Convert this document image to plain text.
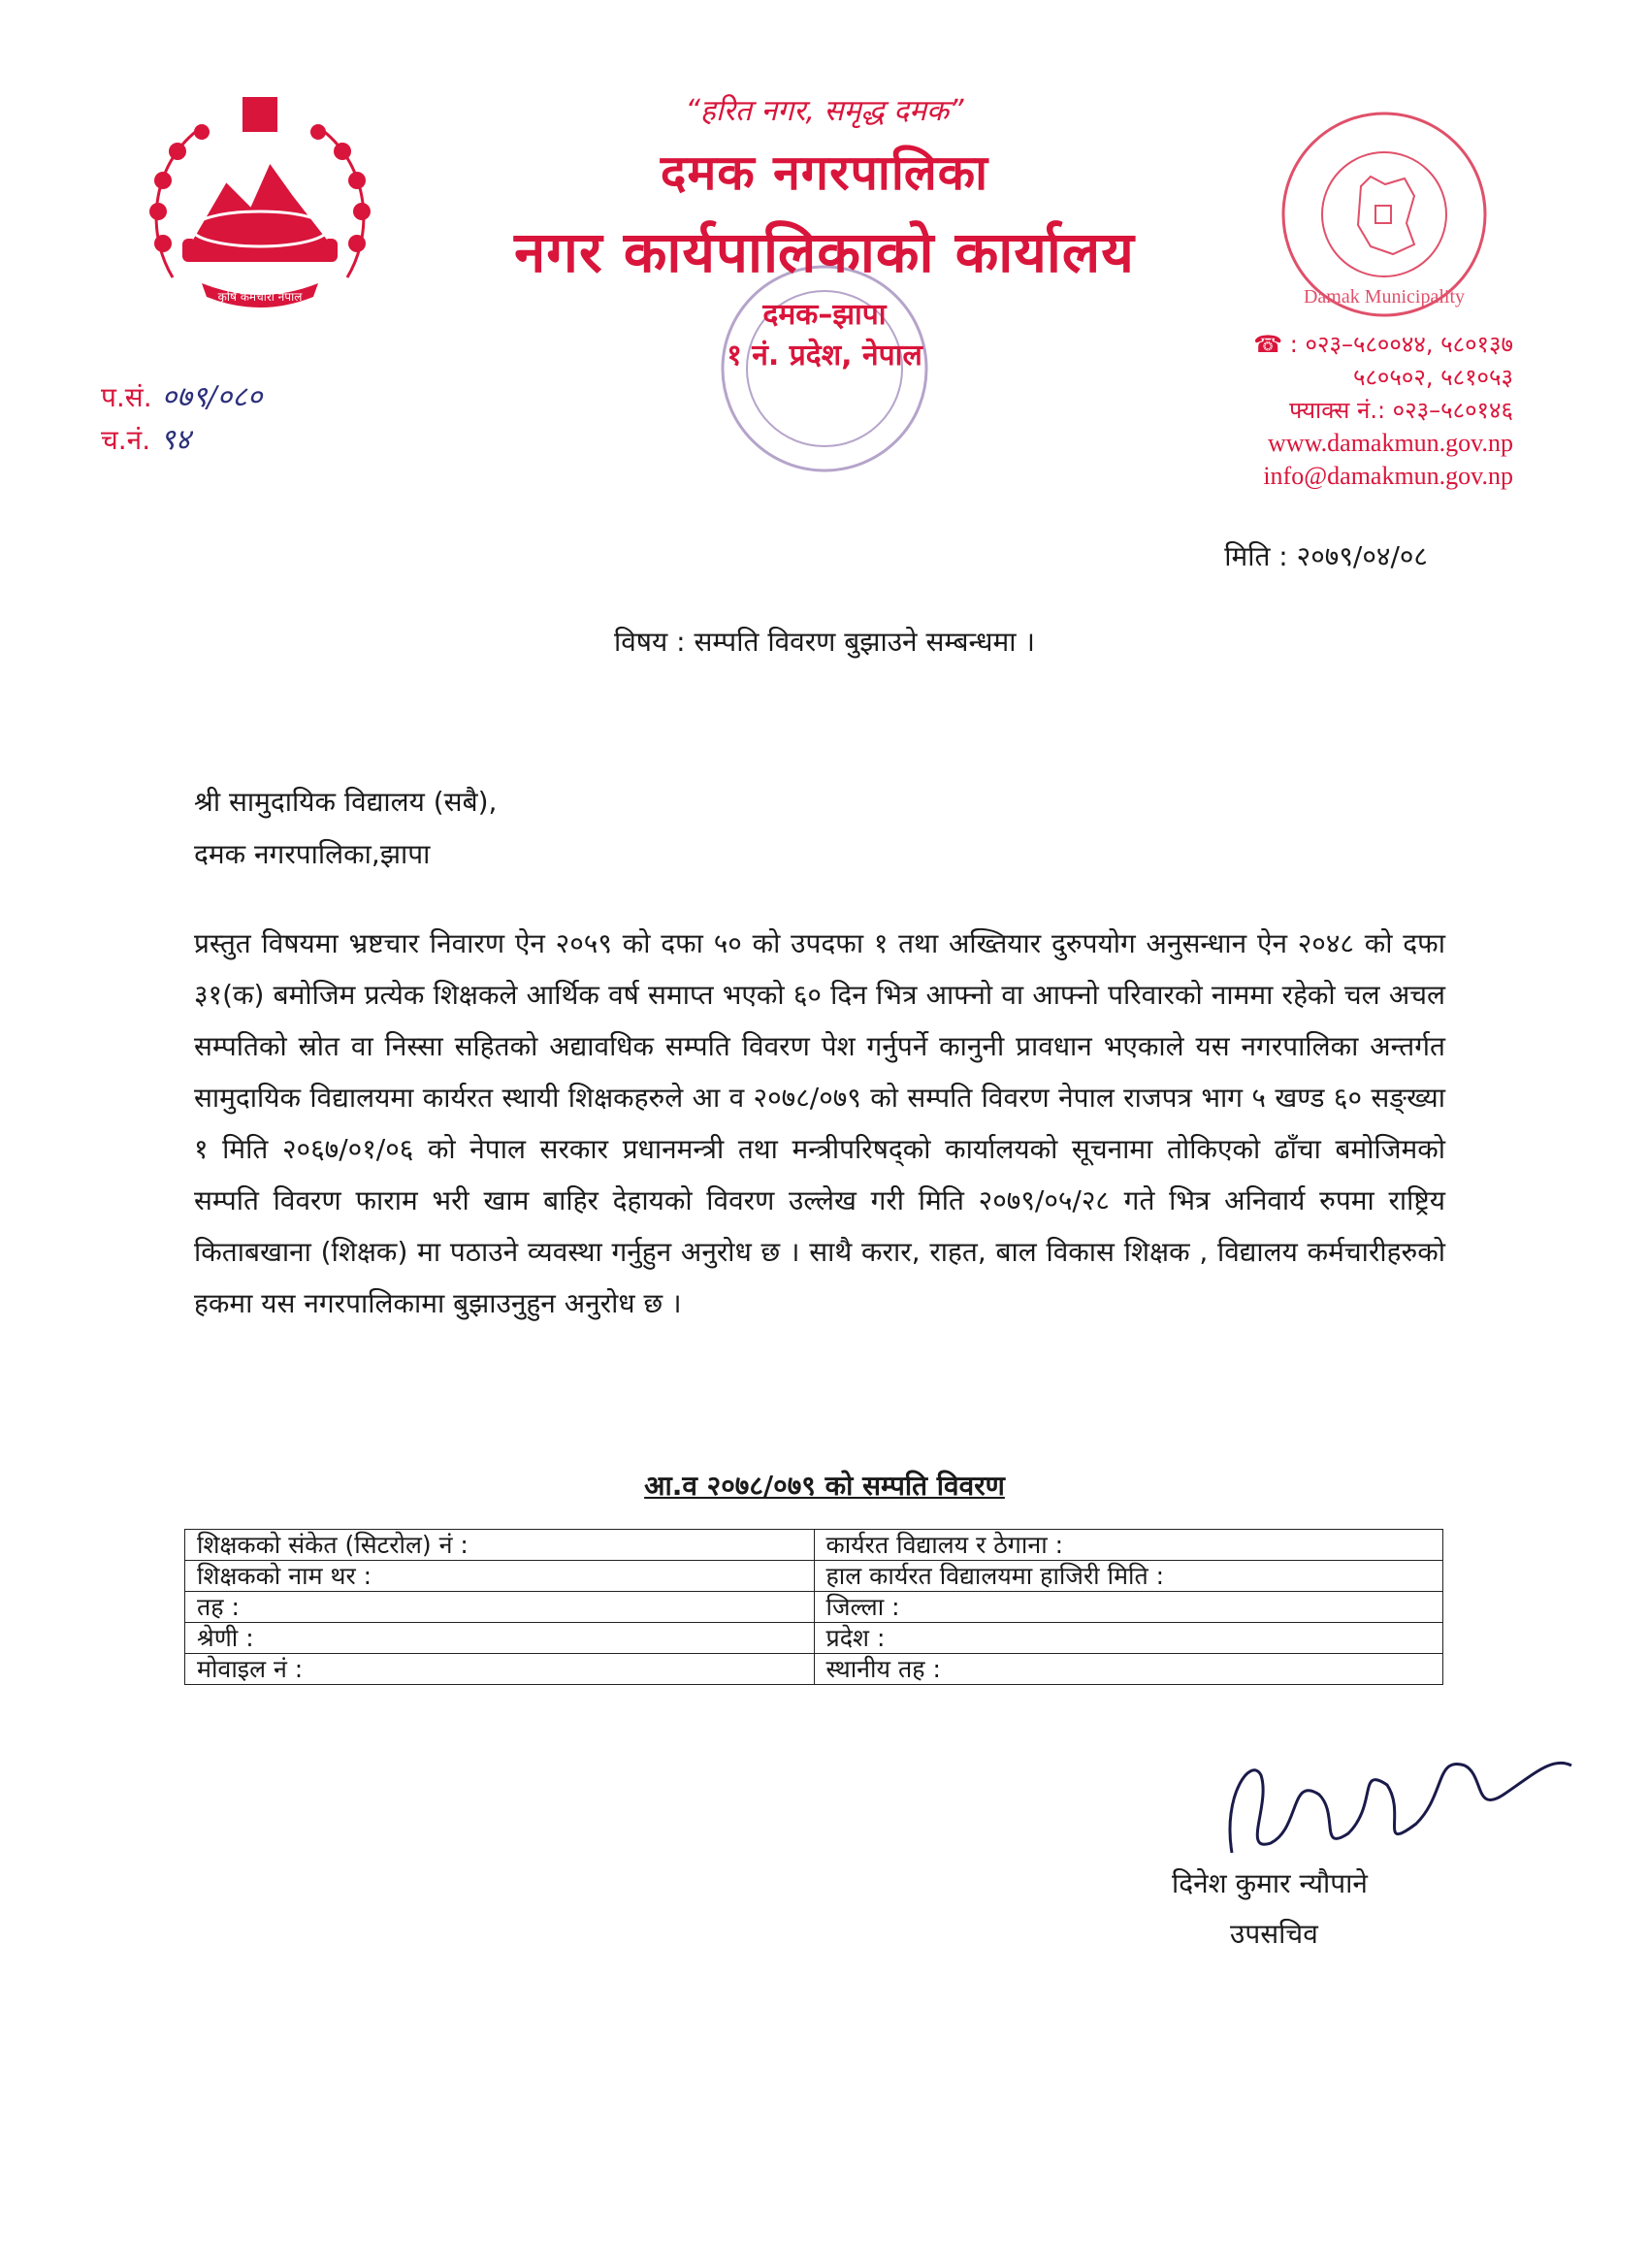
कृषि कर्मचारी नेपाल	Damak Municipality
“हरित नगर, समृद्ध दमक”
दमक नगरपालिका
नगर कार्यपालिकाको कार्यालय
दमक–झापा
१ नं. प्रदेश, नेपाल	☎ : ०२३–५८००४४, ५८०१३७
५८०५०२, ५८१०५३
फ्याक्स नं.: ०२३–५८०१४६
www.damakmun.gov.np
info@damakmun.gov.np
प.सं. ०७९/०८०
च.नं. ९४
मिति : २०७९/०४/०८
विषय : सम्पति विवरण बुझाउने सम्बन्धमा ।
श्री सामुदायिक विद्यालय (सबै),
दमक नगरपालिका,झापा
प्रस्तुत विषयमा भ्रष्टचार निवारण ऐन २०५९ को दफा ५० को उपदफा १ तथा अख्तियार दुरुपयोग अनुसन्धान ऐन २०४८ को दफा ३१(क) बमोजिम प्रत्येक शिक्षकले आर्थिक वर्ष समाप्त भएको ६० दिन भित्र आफ्नो वा आफ्नो परिवारको नाममा रहेको चल अचल सम्पतिको स्रोत वा निस्सा सहितको अद्यावधिक सम्पति विवरण पेश गर्नुपर्ने कानुनी प्रावधान भएकाले यस नगरपालिका अन्तर्गत सामुदायिक विद्यालयमा कार्यरत स्थायी शिक्षकहरुले आ व २०७८/०७९ को सम्पति विवरण नेपाल राजपत्र भाग ५ खण्ड ६० सङ्ख्या १ मिति २०६७/०१/०६ को नेपाल सरकार प्रधानमन्त्री तथा मन्त्रीपरिषद्को कार्यालयको सूचनामा तोकिएको ढाँचा बमोजिमको सम्पति विवरण फाराम भरी खाम बाहिर देहायको विवरण उल्लेख गरी मिति २०७९/०५/२८ गते भित्र अनिवार्य रुपमा राष्ट्रिय किताबखाना (शिक्षक) मा पठाउने व्यवस्था गर्नुहुन अनुरोध छ । साथै करार, राहत, बाल विकास शिक्षक , विद्यालय कर्मचारीहरुको हकमा यस नगरपालिकामा बुझाउनुहुन अनुरोध छ ।
आ.व २०७८/०७९ को सम्पति विवरण
शिक्षकको संकेत (सिटरोल) नं :	कार्यरत विद्यालय र ठेगाना :
शिक्षकको नाम थर :	हाल कार्यरत विद्यालयमा हाजिरी मिति :
तह :	जिल्ला :
श्रेणी :	प्रदेश :
मोवाइल नं :	स्थानीय तह :
दिनेश कुमार न्यौपाने
उपसचिव
